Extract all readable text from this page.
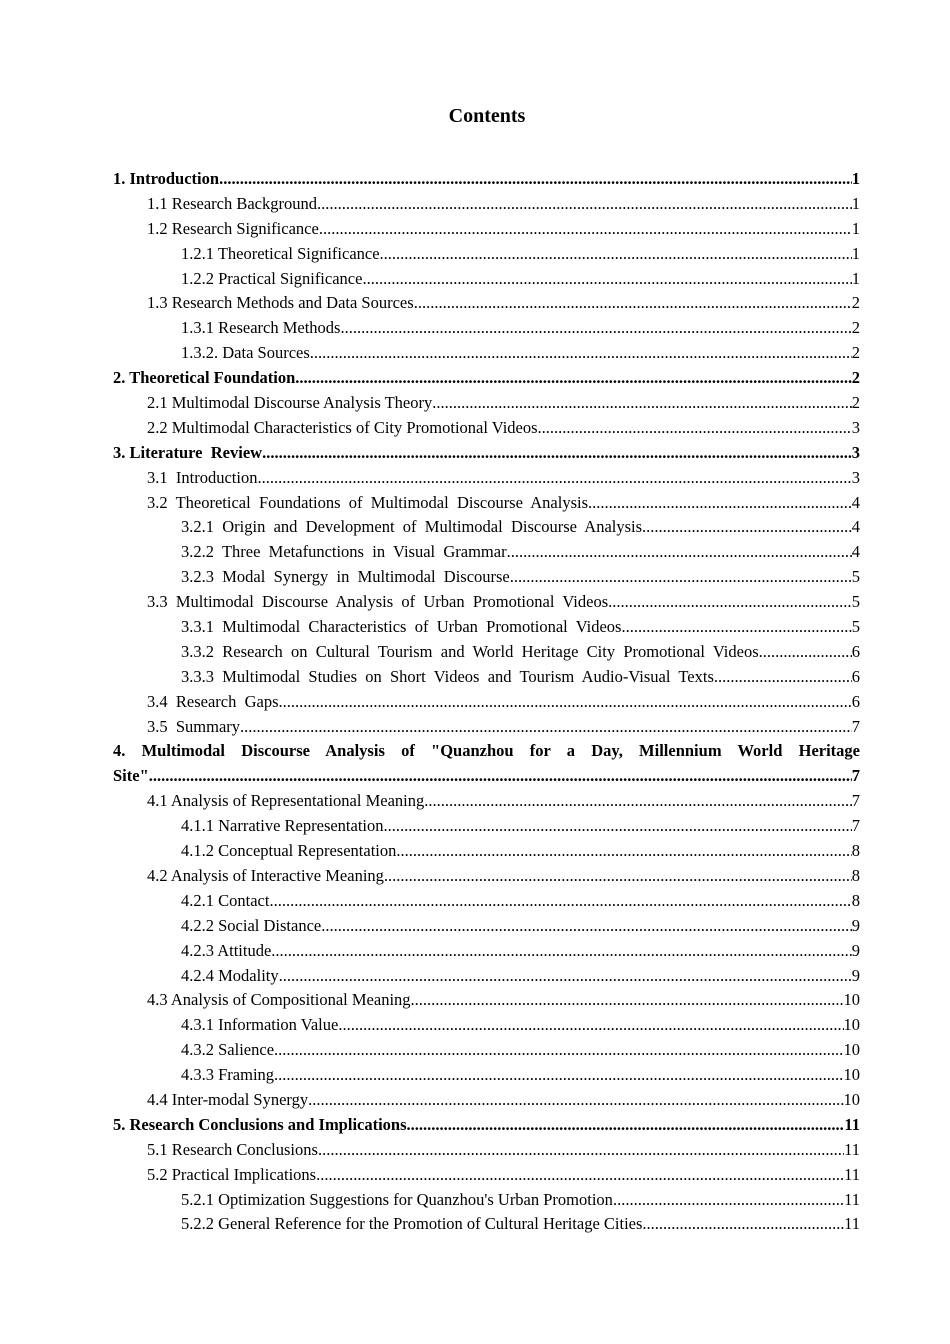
Contents
1. Introduction .....	1
1.1 Research Background .....	1
1.2 Research Significance .....	1
1.2.1 Theoretical Significance .....	1
1.2.2 Practical Significance .....	1
1.3 Research Methods and Data Sources .....	2
1.3.1 Research Methods .....	2
1.3.2. Data Sources .....	2
2. Theoretical Foundation .....	2
2.1 Multimodal Discourse Analysis Theory .....	2
2.2 Multimodal Characteristics of City Promotional Videos .....	3
3. Literature  Review .....	3
3.1  Introduction .....	3
3.2  Theoretical  Foundations  of  Multimodal  Discourse  Analysis .....	4
3.2.1  Origin  and  Development  of  Multimodal  Discourse  Analysis .....	4
3.2.2  Three  Metafunctions  in  Visual  Grammar .....	4
3.2.3  Modal  Synergy  in  Multimodal  Discourse .....	5
3.3  Multimodal  Discourse  Analysis  of  Urban  Promotional  Videos .....	5
3.3.1  Multimodal  Characteristics  of  Urban  Promotional  Videos .....	5
3.3.2  Research  on  Cultural  Tourism  and  World  Heritage  City  Promotional  Videos .....	6
3.3.3  Multimodal  Studies  on  Short  Videos  and  Tourism  Audio-Visual  Texts .....	6
3.4  Research  Gaps .....	6
3.5  Summary .....	7
4. Multimodal Discourse Analysis of "Quanzhou for a Day, Millennium World Heritage
Site" .....	7
4.1 Analysis of Representational Meaning .....	7
4.1.1 Narrative Representation .....	7
4.1.2 Conceptual Representation .....	8
4.2 Analysis of Interactive Meaning .....	8
4.2.1 Contact .....	8
4.2.2 Social Distance .....	9
4.2.3 Attitude .....	9
4.2.4 Modality .....	9
4.3 Analysis of Compositional Meaning .....	10
4.3.1 Information Value .....	10
4.3.2 Salience .....	10
4.3.3 Framing .....	10
4.4 Inter-modal Synergy .....	10
5. Research Conclusions and Implications .....	11
5.1 Research Conclusions .....	11
5.2 Practical Implications .....	11
5.2.1 Optimization Suggestions for Quanzhou's Urban Promotion .....	11
5.2.2 General Reference for the Promotion of Cultural Heritage Cities .....	11
